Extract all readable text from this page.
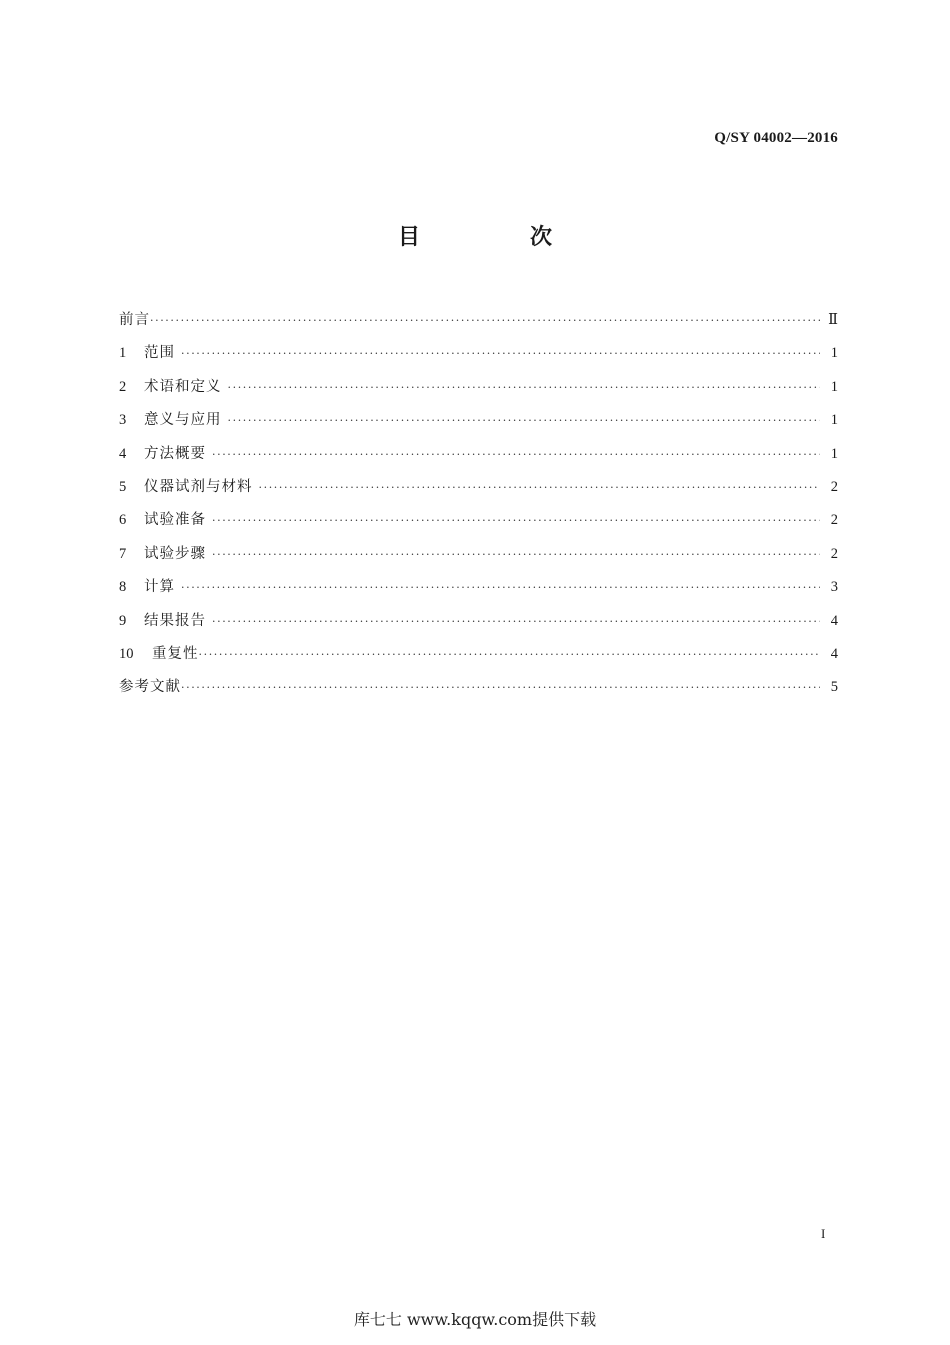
Q/SY 04002—2016
目　次
前言 ·····	Ⅱ
1	范围 ·····	1
2	术语和定义 ·····	1
3	意义与应用 ·····	1
4	方法概要 ·····	1
5	仪器试剂与材料 ·····	2
6	试验准备 ·····	2
7	试验步骤 ·····	2
8	计算 ·····	3
9	结果报告 ·····	4
10	重复性 ·····	4
参考文献 ·····	5
I
库七七 www.kqqw.com提供下载
